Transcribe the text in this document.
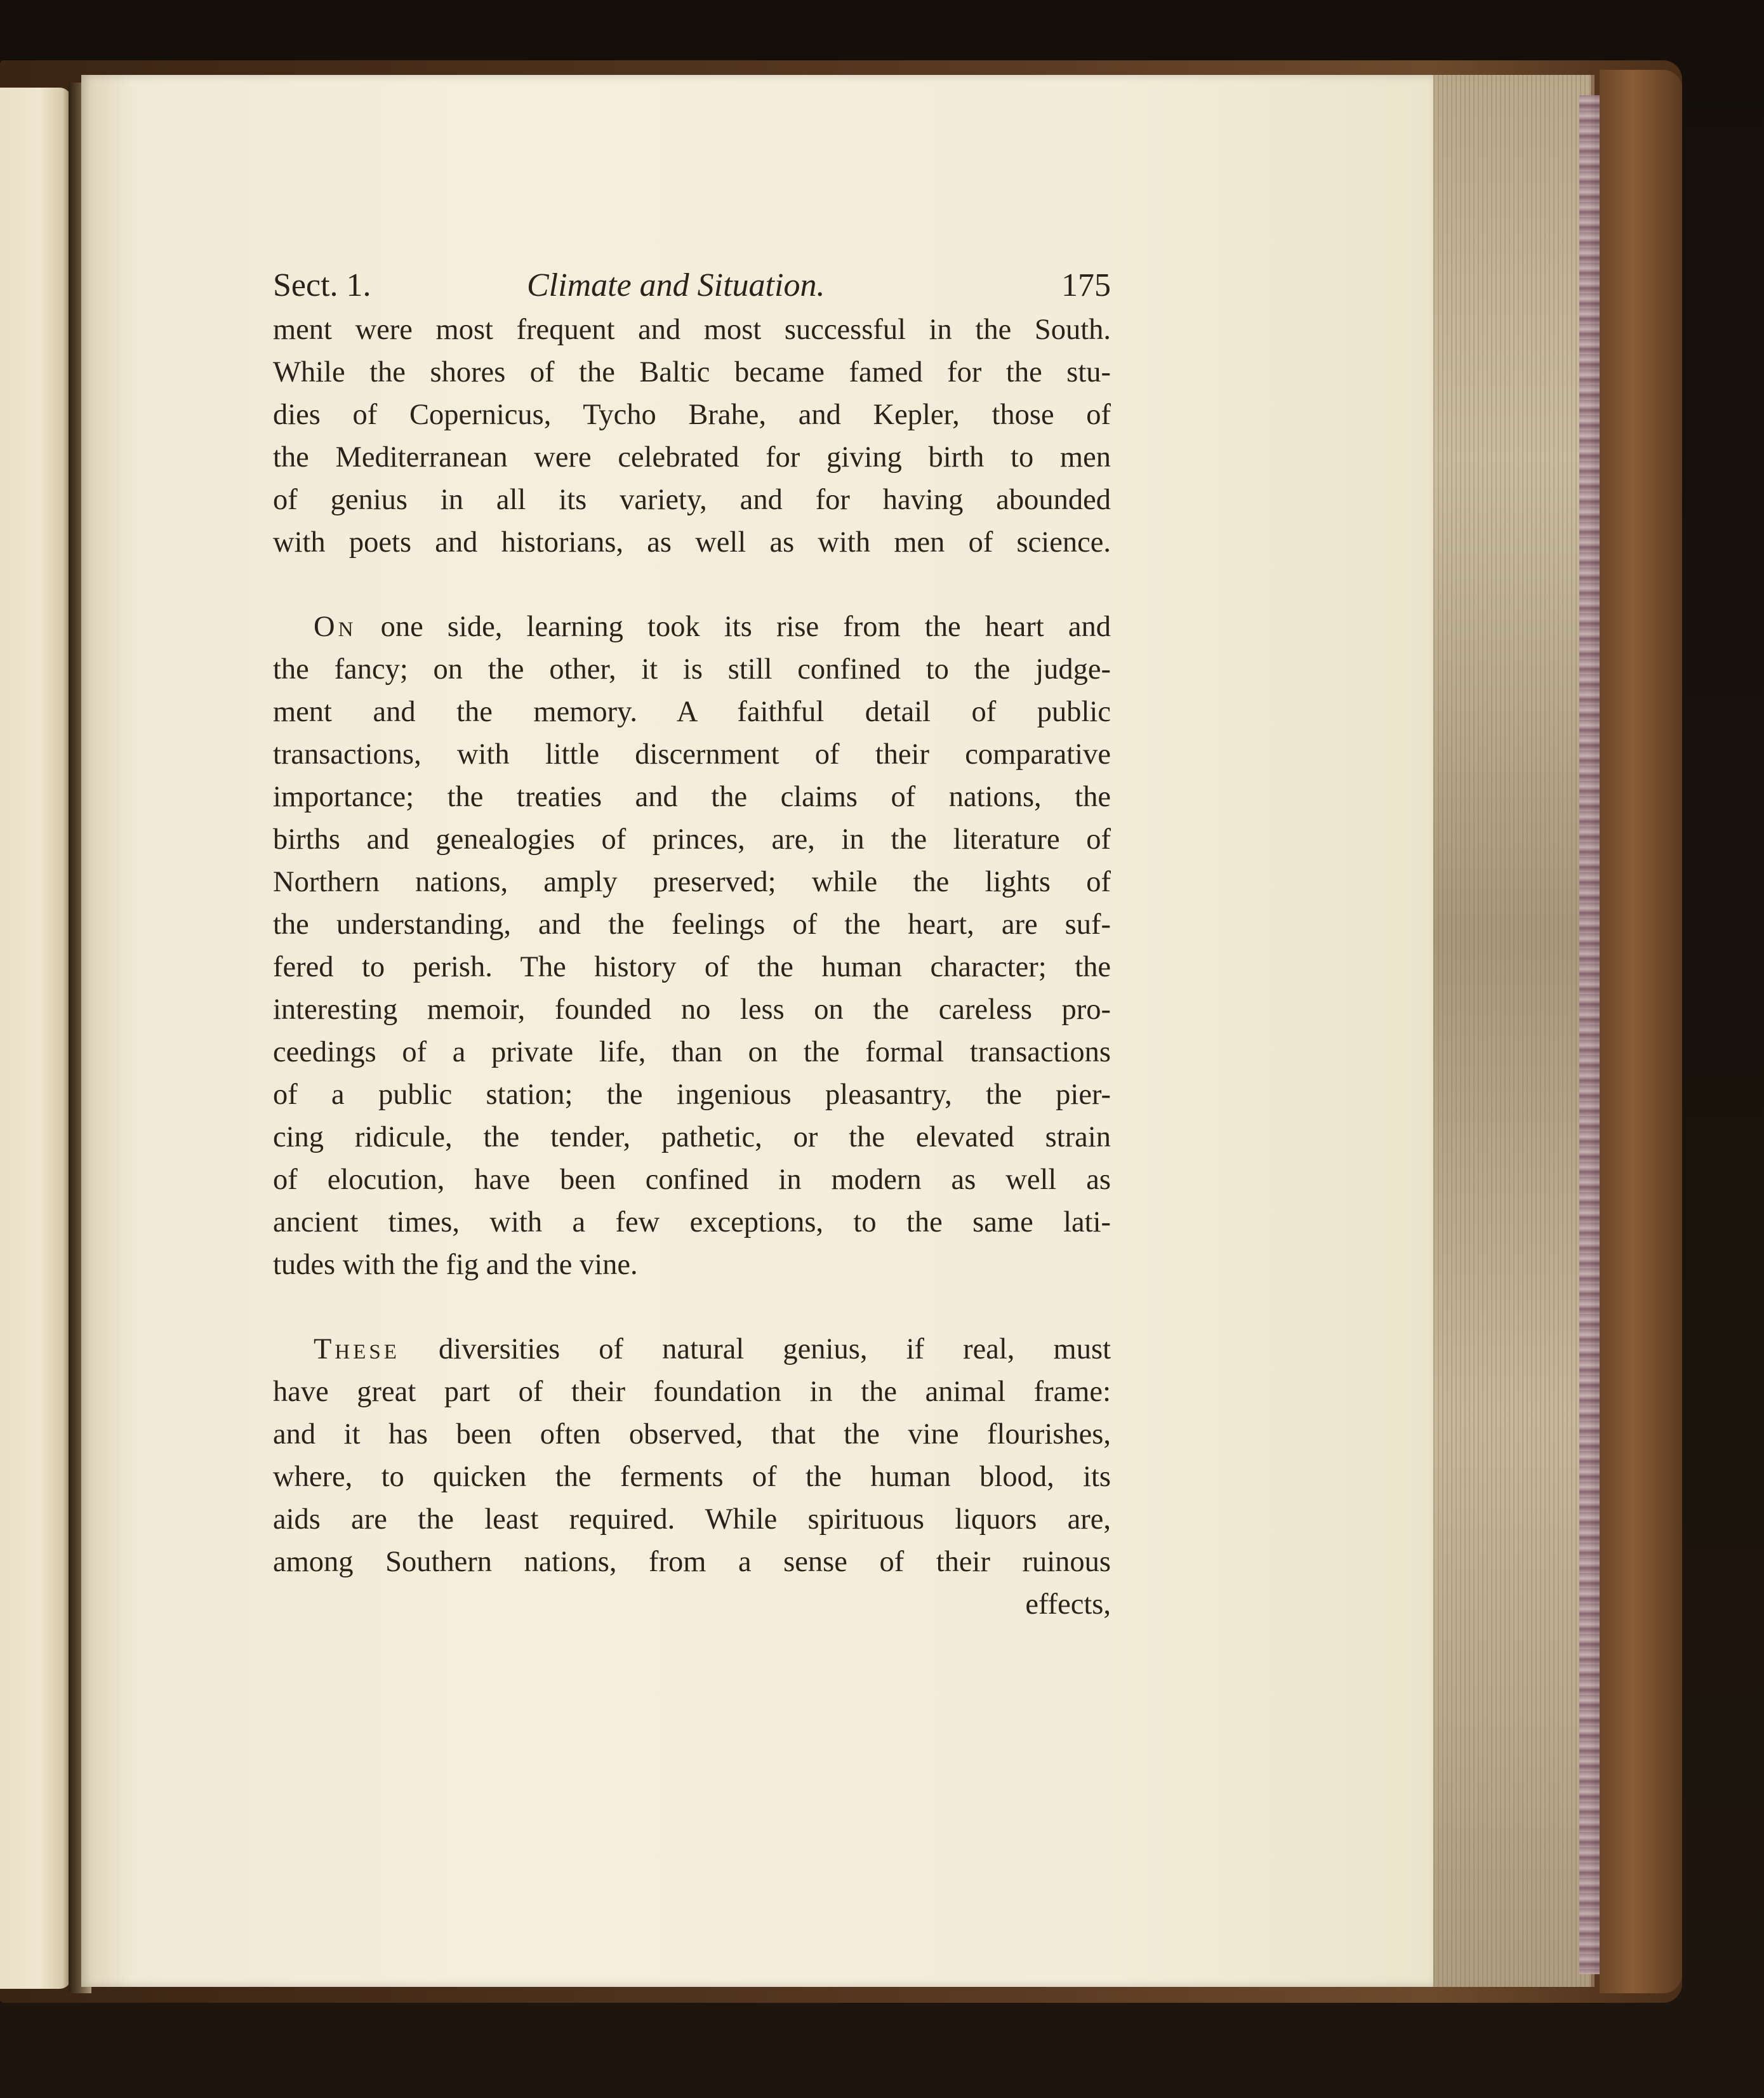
Sect. 1.	Climate and Situation.	175
ment were most frequent and most successful in the South.
While the shores of the Baltic became famed for the stu-
dies of Copernicus, Tycho Brahe, and Kepler, those of
the Mediterranean were celebrated for giving birth to men
of genius in all its variety, and for having abounded
with poets and historians, as well as with men of science.
On one side, learning took its rise from the heart and
the fancy; on the other, it is still confined to the judge-
ment and the memory. A faithful detail of public
transactions, with little discernment of their comparative
importance; the treaties and the claims of nations, the
births and genealogies of princes, are, in the literature of
Northern nations, amply preserved; while the lights of
the understanding, and the feelings of the heart, are suf-
fered to perish. The history of the human character; the
interesting memoir, founded no less on the careless pro-
ceedings of a private life, than on the formal transactions
of a public station; the ingenious pleasantry, the pier-
cing ridicule, the tender, pathetic, or the elevated strain
of elocution, have been confined in modern as well as
ancient times, with a few exceptions, to the same lati-
tudes with the fig and the vine.
These diversities of natural genius, if real, must
have great part of their foundation in the animal frame:
and it has been often observed, that the vine flourishes,
where, to quicken the ferments of the human blood, its
aids are the least required. While spirituous liquors are,
among Southern nations, from a sense of their ruinous
effects,
